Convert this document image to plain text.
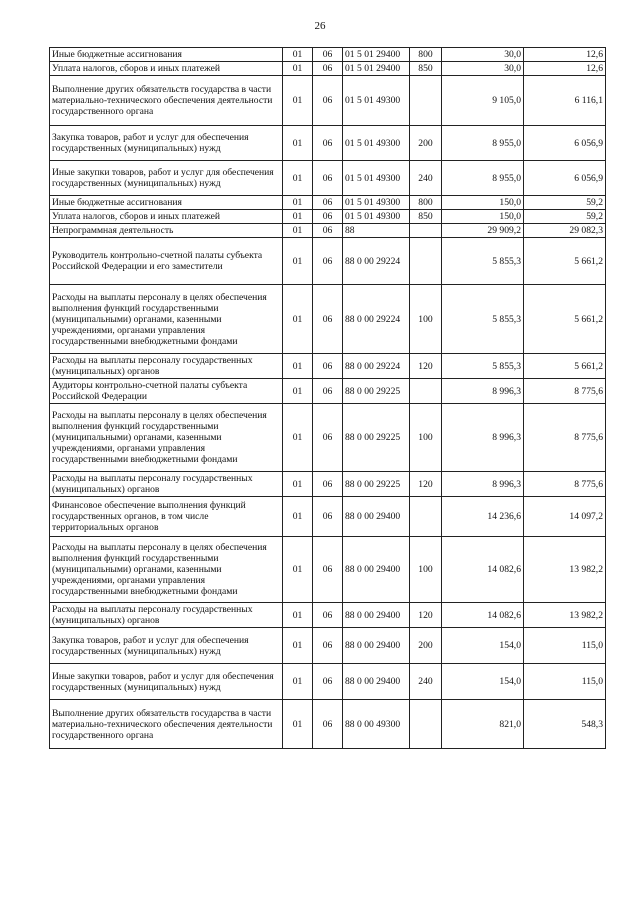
26
Иные бюджетные ассигнования	01	06	01 5 01 29400	800	30,0	12,6
Уплата налогов, сборов и иных платежей	01	06	01 5 01 29400	850	30,0	12,6
Выполнение других обязательств государства в части материально-технического обеспечения деятельности государственного органа	01	06	01 5 01 49300		9 105,0	6 116,1
Закупка товаров, работ и услуг для обеспечения государственных (муниципальных) нужд	01	06	01 5 01 49300	200	8 955,0	6 056,9
Иные закупки товаров, работ и услуг для обеспечения государственных (муниципальных) нужд	01	06	01 5 01 49300	240	8 955,0	6 056,9
Иные бюджетные ассигнования	01	06	01 5 01 49300	800	150,0	59,2
Уплата налогов, сборов и иных платежей	01	06	01 5 01 49300	850	150,0	59,2
Непрограммная деятельность	01	06	88		29 909,2	29 082,3
Руководитель контрольно-счетной палаты субъекта Российской Федерации и его заместители	01	06	88 0 00 29224		5 855,3	5 661,2
Расходы на выплаты персоналу в целях обеспечения выполнения функций государственными (муниципальными) органами, казенными учреждениями, органами управления государственными внебюджетными фондами	01	06	88 0 00 29224	100	5 855,3	5 661,2
Расходы на выплаты персоналу государственных (муниципальных) органов	01	06	88 0 00 29224	120	5 855,3	5 661,2
Аудиторы контрольно-счетной палаты субъекта Российской Федерации	01	06	88 0 00 29225		8 996,3	8 775,6
Расходы на выплаты персоналу в целях обеспечения выполнения функций государственными (муниципальными) органами, казенными учреждениями, органами управления государственными внебюджетными фондами	01	06	88 0 00 29225	100	8 996,3	8 775,6
Расходы на выплаты персоналу государственных (муниципальных) органов	01	06	88 0 00 29225	120	8 996,3	8 775,6
Финансовое обеспечение выполнения функций государственных органов, в том числе территориальных органов	01	06	88 0 00 29400		14 236,6	14 097,2
Расходы на выплаты персоналу в целях обеспечения выполнения функций государственными (муниципальными) органами, казенными учреждениями, органами управления государственными внебюджетными фондами	01	06	88 0 00 29400	100	14 082,6	13 982,2
Расходы на выплаты персоналу государственных (муниципальных) органов	01	06	88 0 00 29400	120	14 082,6	13 982,2
Закупка товаров, работ и услуг для обеспечения государственных (муниципальных) нужд	01	06	88 0 00 29400	200	154,0	115,0
Иные закупки товаров, работ и услуг для обеспечения государственных (муниципальных) нужд	01	06	88 0 00 29400	240	154,0	115,0
Выполнение других обязательств государства в части материально-технического обеспечения деятельности государственного органа	01	06	88 0 00 49300		821,0	548,3
